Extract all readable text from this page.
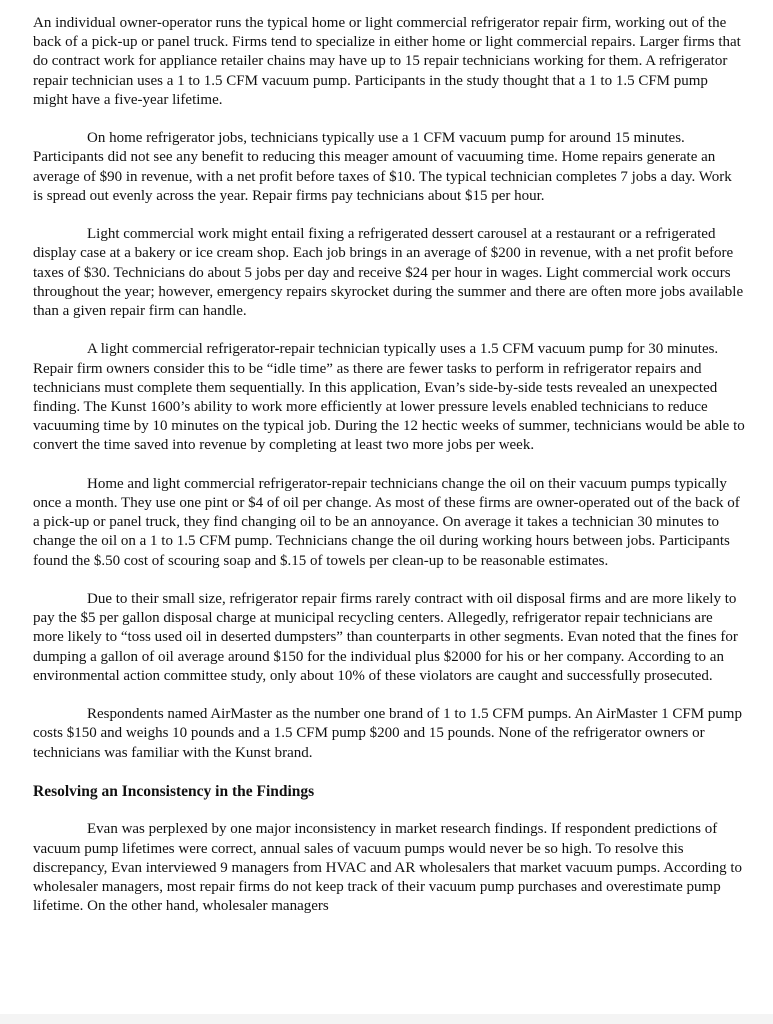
An individual owner-operator runs the typical home or light commercial refrigerator repair firm, working out of the back of a pick-up or panel truck. Firms tend to specialize in either home or light commercial repairs. Larger firms that do contract work for appliance retailer chains may have up to 15 repair technicians working for them. A refrigerator repair technician uses a 1 to 1.5 CFM vacuum pump. Participants in the study thought that a 1 to 1.5 CFM pump might have a five-year lifetime.

On home refrigerator jobs, technicians typically use a 1 CFM vacuum pump for around 15 minutes. Participants did not see any benefit to reducing this meager amount of vacuuming time. Home repairs generate an average of $90 in revenue, with a net profit before taxes of $10. The typical technician completes 7 jobs a day. Work is spread out evenly across the year. Repair firms pay technicians about $15 per hour.

Light commercial work might entail fixing a refrigerated dessert carousel at a restaurant or a refrigerated display case at a bakery or ice cream shop. Each job brings in an average of $200 in revenue, with a net profit before taxes of $30. Technicians do about 5 jobs per day and receive $24 per hour in wages. Light commercial work occurs throughout the year; however, emergency repairs skyrocket during the summer and there are often more jobs available than a given repair firm can handle.

A light commercial refrigerator-repair technician typically uses a 1.5 CFM vacuum pump for 30 minutes. Repair firm owners consider this to be “idle time” as there are fewer tasks to perform in refrigerator repairs and technicians must complete them sequentially. In this application, Evan’s side-by-side tests revealed an unexpected finding. The Kunst 1600’s ability to work more efficiently at lower pressure levels enabled technicians to reduce vacuuming time by 10 minutes on the typical job. During the 12 hectic weeks of summer, technicians would be able to convert the time saved into revenue by completing at least two more jobs per week.

Home and light commercial refrigerator-repair technicians change the oil on their vacuum pumps typically once a month. They use one pint or $4 of oil per change. As most of these firms are owner-operated out of the back of a pick-up or panel truck, they find changing oil to be an annoyance. On average it takes a technician 30 minutes to change the oil on a 1 to 1.5 CFM pump. Technicians change the oil during working hours between jobs. Participants found the $.50 cost of scouring soap and $.15 of towels per clean-up to be reasonable estimates.

Due to their small size, refrigerator repair firms rarely contract with oil disposal firms and are more likely to pay the $5 per gallon disposal charge at municipal recycling centers. Allegedly, refrigerator repair technicians are more likely to “toss used oil in deserted dumpsters” than counterparts in other segments. Evan noted that the fines for dumping a gallon of oil average around $150 for the individual plus $2000 for his or her company. According to an environmental action committee study, only about 10% of these violators are caught and successfully prosecuted.

Respondents named AirMaster as the number one brand of 1 to 1.5 CFM pumps. An AirMaster 1 CFM pump costs $150 and weighs 10 pounds and a 1.5 CFM pump $200 and 15 pounds. None of the refrigerator owners or technicians was familiar with the Kunst brand.

Resolving an Inconsistency in the Findings

Evan was perplexed by one major inconsistency in market research findings. If respondent predictions of vacuum pump lifetimes were correct, annual sales of vacuum pumps would never be so high. To resolve this discrepancy, Evan interviewed 9 managers from HVAC and AR wholesalers that market vacuum pumps. According to wholesaler managers, most repair firms do not keep track of their vacuum pump purchases and overestimate pump lifetime. On the other hand, wholesaler managers
